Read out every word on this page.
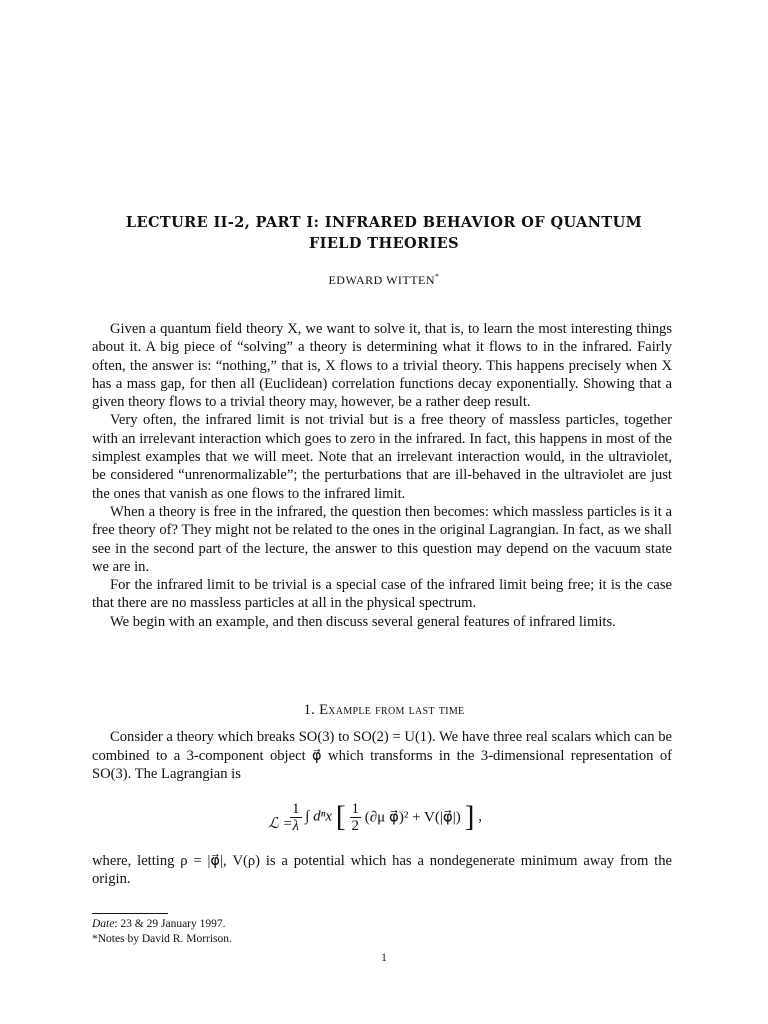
LECTURE II-2, PART I: INFRARED BEHAVIOR OF QUANTUM
FIELD THEORIES
EDWARD WITTEN*

Given a quantum field theory X, we want to solve it, that is, to learn the most interesting things about it. A big piece of “solving” a theory is determining what it flows to in the infrared. Fairly often, the answer is: “nothing,” that is, X flows to a trivial theory. This happens precisely when X has a mass gap, for then all (Euclidean) correlation functions decay exponentially. Showing that a given theory flows to a trivial theory may, however, be a rather deep result.

Very often, the infrared limit is not trivial but is a free theory of massless particles, together with an irrelevant interaction which goes to zero in the infrared. In fact, this happens in most of the simplest examples that we will meet. Note that an irrelevant interaction would, in the ultraviolet, be considered “unrenormalizable”; the perturbations that are ill-behaved in the ultraviolet are just the ones that vanish as one flows to the infrared limit.

When a theory is free in the infrared, the question then becomes: which massless particles is it a free theory of? They might not be related to the ones in the original Lagrangian. In fact, as we shall see in the second part of the lecture, the answer to this question may depend on the vacuum state we are in.

For the infrared limit to be trivial is a special case of the infrared limit being free; it is the case that there are no massless particles at all in the physical spectrum.

We begin with an example, and then discuss several general features of infrared limits.

1. Example from last time

Consider a theory which breaks SO(3) to SO(2) = U(1). We have three real scalars which can be combined to a 3-component object φ⃗ which transforms in the 3-dimensional representation of SO(3). The Lagrangian is

ℒ =
$\frac{1}{\lambda}$ ∫ dⁿx [ $\frac{1}{2} (\partial\mu$ φ⃗)² + V(|φ⃗|) ] ,

where, letting ρ = |φ⃗|, V(ρ) is a potential which has a nondegenerate minimum away from the origin.

Date: 23 & 29 January 1997.
*Notes by David R. Morrison.
1
